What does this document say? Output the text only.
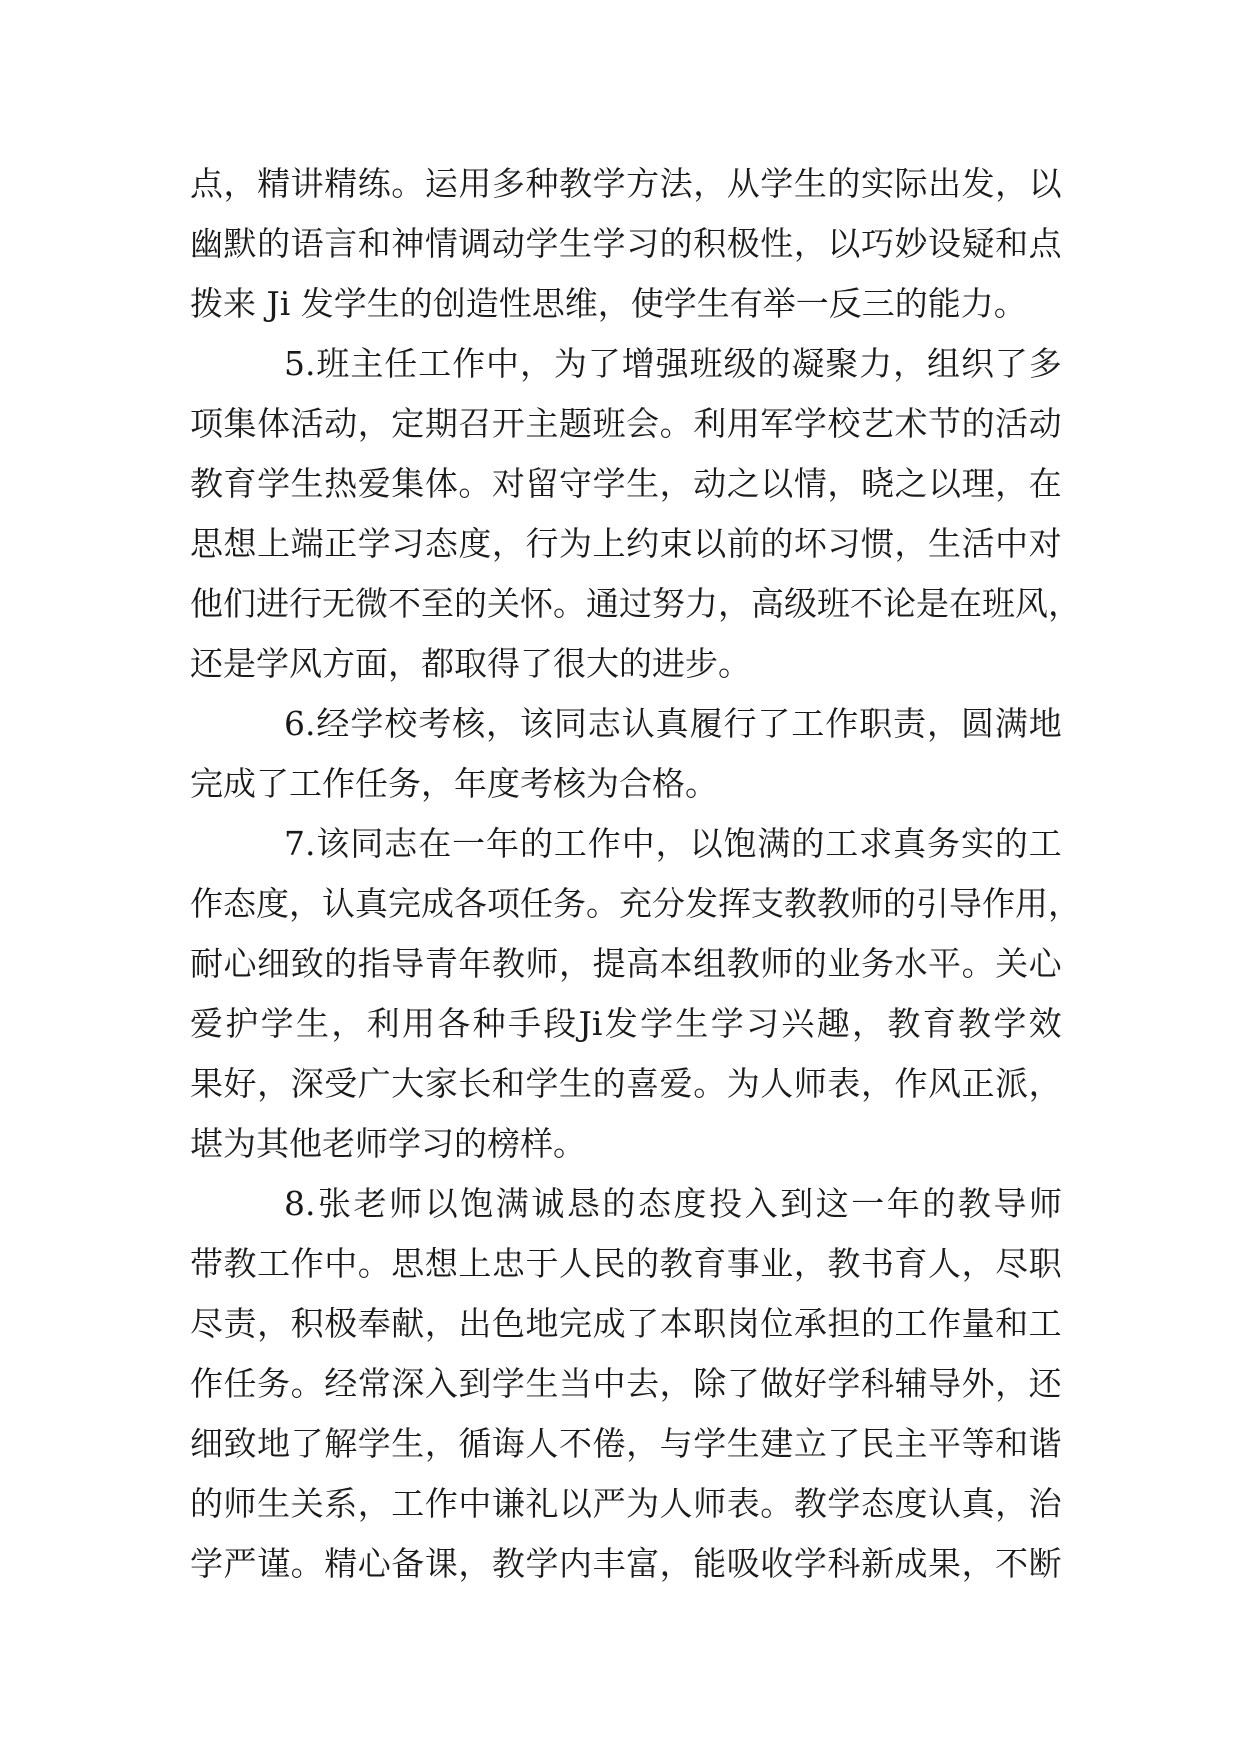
点 ， 精 讲 精 练 。 运 用 多 种 教 学 方 法 ， 从 学 生 的 实 际 出 发 ， 以
幽 默 的 语 言 和 神 情 调 动 学 生 学 习 的 积 极 性 ， 以 巧 妙 设 疑 和 点
拨来 Ji 发学生的创造性思维，使学生有举一反三的能力。
5. 班 主 任 工 作 中 ， 为 了 增 强 班 级 的 凝 聚 力 ， 组 织 了 多
项 集 体 活 动 ， 定 期 召 开 主 题 班 会 。 利 用 军 学 校 艺 术 节 的 活 动
教 育 学 生 热 爱 集 体 。 对 留 守 学 生 ， 动 之 以 情 ， 晓 之 以 理 ， 在
思 想 上 端 正 学 习 态 度 ， 行 为 上 约 束 以 前 的 坏 习 惯 ， 生 活 中 对
他 们 进 行 无 微 不 至 的 关 怀 。 通 过 努 力 ， 高 级 班 不 论 是 在 班 风 ，
还是学风方面，都取得了很大的进步。
6. 经 学 校 考 核 ， 该 同 志 认 真 履 行 了 工 作 职 责 ， 圆 满 地
完成了工作任务，年度考核为合格。
7. 该 同 志 在 一 年 的 工 作 中 ， 以 饱 满 的 工 求 真 务 实 的 工
作 态 度 ， 认 真 完 成 各 项 任 务 。 充 分 发 挥 支 教 教 师 的 引 导 作 用 ，
耐 心 细 致 的 指 导 青 年 教 师 ， 提 高 本 组 教 师 的 业 务 水 平 。 关 心
爱 护 学 生 ， 利 用 各 种 手 段 Ji 发 学 生 学 习 兴 趣 ， 教 育 教 学 效
果 好 ， 深 受 广 大 家 长 和 学 生 的 喜 爱 。 为 人 师 表 ， 作 风 正 派 ，
堪为其他老师学习的榜样。
8. 张 老 师 以 饱 满 诚 恳 的 态 度 投 入 到 这 一 年 的 教 导 师
带 教 工 作 中 。 思 想 上 忠 于 人 民 的 教 育 事 业 ， 教 书 育 人 ， 尽 职
尽 责 ， 积 极 奉 献 ， 出 色 地 完 成 了 本 职 岗 位 承 担 的 工 作 量 和 工
作 任 务 。 经 常 深 入 到 学 生 当 中 去 ， 除 了 做 好 学 科 辅 导 外 ， 还
细 致 地 了 解 学 生 ， 循 诲 人 不 倦 ， 与 学 生 建 立 了 民 主 平 等 和 谐
的 师 生 关 系 ， 工 作 中 谦 礼 以 严 为 人 师 表 。 教 学 态 度 认 真 ， 治
学 严 谨 。 精 心 备 课 ， 教 学 内 丰 富 ， 能 吸 收 学 科 新 成 果 ， 不 断
